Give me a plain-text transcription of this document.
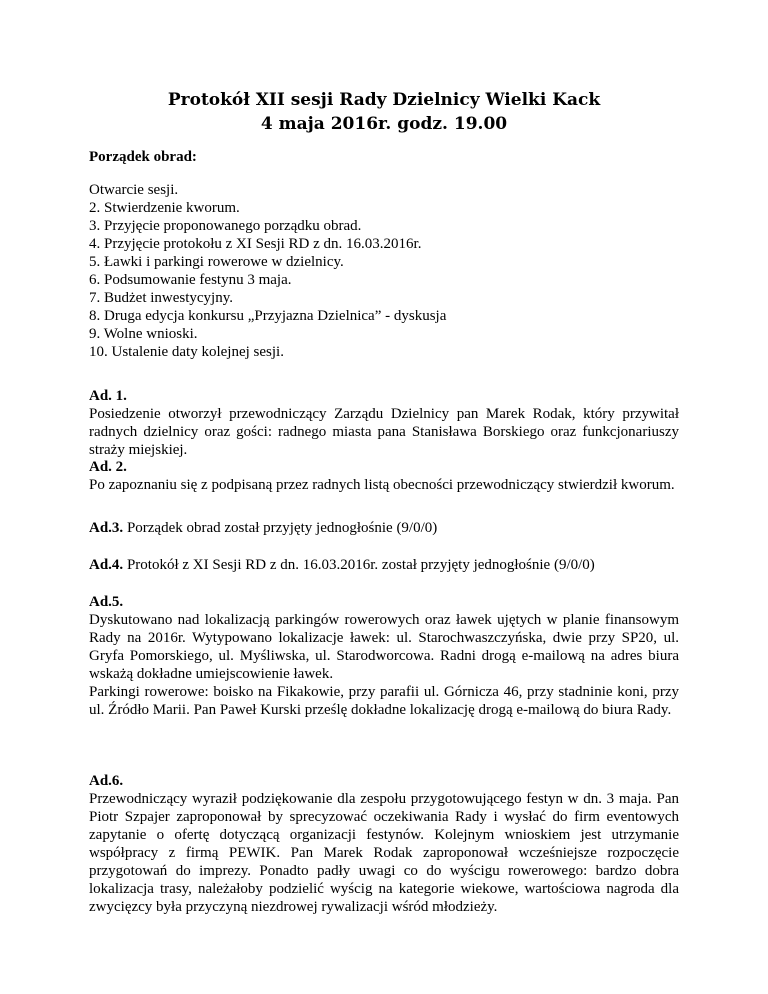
Protokół XII sesji Rady Dzielnicy Wielki Kack
4 maja 2016r. godz. 19.00
Porządek obrad:
Otwarcie sesji.
2. Stwierdzenie kworum.
3. Przyjęcie proponowanego porządku obrad.
4. Przyjęcie protokołu z XI Sesji RD z dn. 16.03.2016r.
5. Ławki i parkingi rowerowe w dzielnicy.
6. Podsumowanie festynu 3 maja.
7. Budżet inwestycyjny.
8. Druga edycja konkursu „Przyjazna Dzielnica” - dyskusja
9. Wolne wnioski.
10. Ustalenie daty kolejnej sesji.
Ad. 1.
Posiedzenie otworzył przewodniczący Zarządu Dzielnicy pan Marek Rodak, który przywitał radnych dzielnicy oraz gości: radnego miasta pana Stanisława Borskiego oraz funkcjonariuszy straży miejskiej.
Ad. 2.
Po zapoznaniu się z podpisaną przez radnych listą obecności przewodniczący stwierdził kworum.
Ad.3. Porządek obrad został przyjęty jednogłośnie (9/0/0)
Ad.4. Protokół z XI Sesji RD z dn. 16.03.2016r. został przyjęty jednogłośnie (9/0/0)
Ad.5.
Dyskutowano nad lokalizacją parkingów rowerowych oraz ławek ujętych w planie finansowym Rady na 2016r. Wytypowano lokalizacje ławek: ul. Starochwaszczyńska, dwie przy SP20, ul. Gryfa Pomorskiego, ul. Myśliwska, ul. Starodworcowa. Radni drogą e-mailową na adres biura wskażą dokładne umiejscowienie ławek.
Parkingi rowerowe: boisko na Fikakowie, przy parafii ul. Górnicza 46, przy stadninie koni, przy ul. Źródło Marii. Pan Paweł Kurski prześlę dokładne lokalizację drogą e-mailową do biura Rady.
Ad.6.
Przewodniczący wyraził podziękowanie dla zespołu przygotowującego festyn w dn. 3 maja. Pan Piotr Szpajer zaproponował by sprecyzować oczekiwania Rady i wysłać do firm eventowych zapytanie o ofertę dotyczącą organizacji festynów. Kolejnym wnioskiem jest utrzymanie współpracy z firmą PEWIK. Pan Marek Rodak zaproponował wcześniejsze rozpoczęcie przygotowań do imprezy. Ponadto padły uwagi co do wyścigu rowerowego: bardzo dobra lokalizacja trasy, należałoby podzielić wyścig na kategorie wiekowe, wartościowa nagroda dla zwycięzcy była przyczyną niezdrowej rywalizacji wśród młodzieży.
